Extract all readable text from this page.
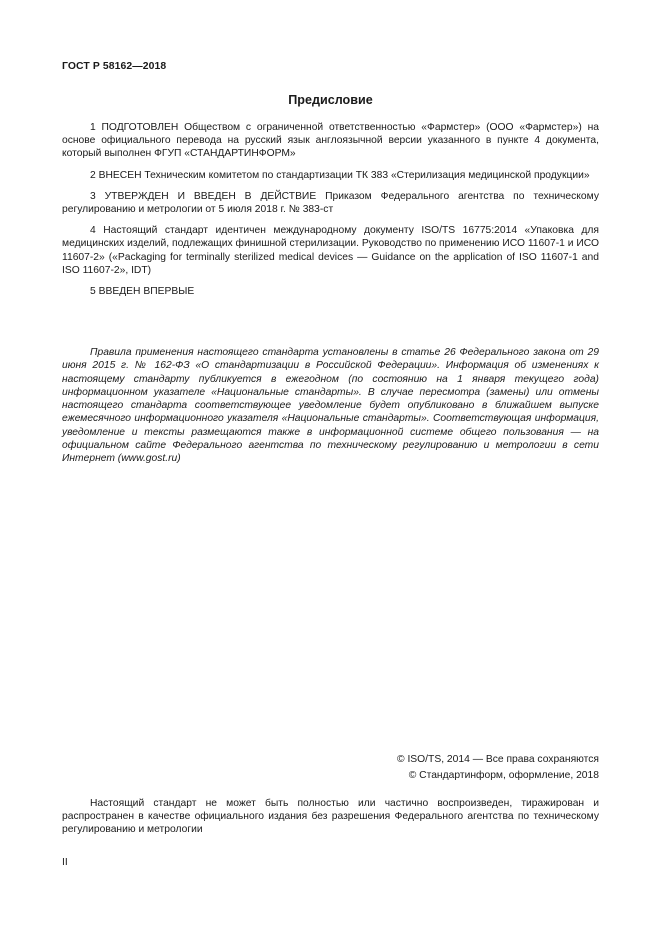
ГОСТ Р 58162—2018
Предисловие

1 ПОДГОТОВЛЕН Обществом с ограниченной ответственностью «Фармстер» (ООО «Фармстер») на основе официального перевода на русский язык англоязычной версии указанного в пункте 4 документа, который выполнен ФГУП «СТАНДАРТИНФОРМ»

2 ВНЕСЕН Техническим комитетом по стандартизации ТК 383 «Стерилизация медицинской продукции»

3 УТВЕРЖДЕН И ВВЕДЕН В ДЕЙСТВИЕ Приказом Федерального агентства по техническому регулированию и метрологии от 5 июля 2018 г. № 383-ст

4 Настоящий стандарт идентичен международному документу ISO/TS 16775:2014 «Упаковка для медицинских изделий, подлежащих финишной стерилизации. Руководство по применению ИСО 11607-1 и ИСО 11607-2» («Packaging for terminally sterilized medical devices — Guidance on the application of ISO 11607-1 and ISO 11607-2», IDT)

5 ВВЕДЕН ВПЕРВЫЕ

Правила применения настоящего стандарта установлены в статье 26 Федерального закона от 29 июня 2015 г. № 162-ФЗ «О стандартизации в Российской Федерации». Информация об изменениях к настоящему стандарту публикуется в ежегодном (по состоянию на 1 января текущего года) информационном указателе «Национальные стандарты». В случае пересмотра (замены) или отмены настоящего стандарта соответствующее уведомление будет опубликовано в ближайшем выпуске ежемесячного информационного указателя «Национальные стандарты». Соответствующая информация, уведомление и тексты размещаются также в информационной системе общего пользования — на официальном сайте Федерального агентства по техническому регулированию и метрологии в сети Интернет (www.gost.ru)
© ISO/TS, 2014 — Все права сохраняются
© Стандартинформ, оформление, 2018
Настоящий стандарт не может быть полностью или частично воспроизведен, тиражирован и распространен в качестве официального издания без разрешения Федерального агентства по техническому регулированию и метрологии
II
